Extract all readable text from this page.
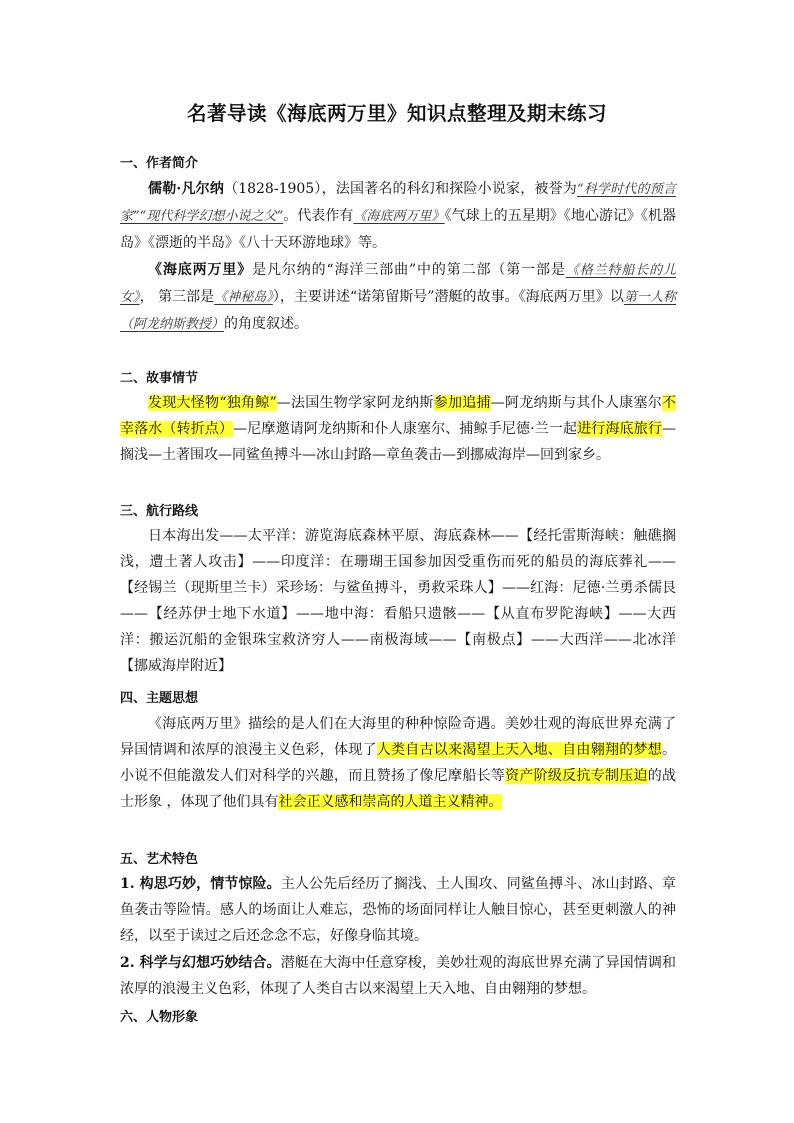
名著导读《海底两万里》知识点整理及期末练习
一、作者简介
儒勒·凡尔纳（1828-1905），法国著名的科幻和探险小说家，被誉为“科学时代的预言家”“现代科学幻想小说之父”。代表作有《海底两万里》《气球上的五星期》《地心游记》《机器岛》《漂逝的半岛》《八十天环游地球》等。
《海底两万里》是凡尔纳的“海洋三部曲”中的第二部（第一部是《格兰特船长的儿女》， 第三部是《神秘岛》），主要讲述“诺第留斯号”潜艇的故事。《海底两万里》以第一人称（阿龙纳斯教授）的角度叙述。
二、故事情节
发现大怪物“独角鲸”—法国生物学家阿龙纳斯参加追捕—阿龙纳斯与其仆人康塞尔不幸落水（转折点）—尼摩邀请阿龙纳斯和仆人康塞尔、捕鲸手尼德·兰一起进行海底旅行—搁浅—土著围攻—同鲨鱼搏斗—冰山封路—章鱼袭击—到挪威海岸—回到家乡。
三、航行路线
日本海出发——太平洋：游览海底森林平原、海底森林——【经托雷斯海峡：触礁搁浅，遭土著人攻击】——印度洋：在珊瑚王国参加因受重伤而死的船员的海底葬礼——【经锡兰（现斯里兰卡）采珍场：与鲨鱼搏斗，勇救采珠人】——红海：尼德·兰勇杀儒艮——【经苏伊士地下水道】——地中海：看船只遗骸——【从直布罗陀海峡】——大西洋：搬运沉船的金银珠宝救济穷人——南极海域——【南极点】——大西洋——北冰洋【挪威海岸附近】
四、主题思想
《海底两万里》描绘的是人们在大海里的种种惊险奇遇。美妙壮观的海底世界充满了异国情调和浓厚的浪漫主义色彩，体现了人类自古以来渴望上天入地、自由翱翔的梦想。小说不但能激发人们对科学的兴趣，而且赞扬了像尼摩船长等资产阶级反抗专制压迫的战士形象 ，体现了他们具有社会正义感和崇高的人道主义精神。
五、艺术特色
1. 构思巧妙，情节惊险。主人公先后经历了搁浅、土人围攻、同鲨鱼搏斗、冰山封路、章鱼袭击等险情。感人的场面让人难忘，恐怖的场面同样让人触目惊心，甚至更刺激人的神经，以至于读过之后还念念不忘，好像身临其境。
2. 科学与幻想巧妙结合。潜艇在大海中任意穿梭，美妙壮观的海底世界充满了异国情调和浓厚的浪漫主义色彩，体现了人类自古以来渴望上天入地、自由翱翔的梦想。
六、人物形象
